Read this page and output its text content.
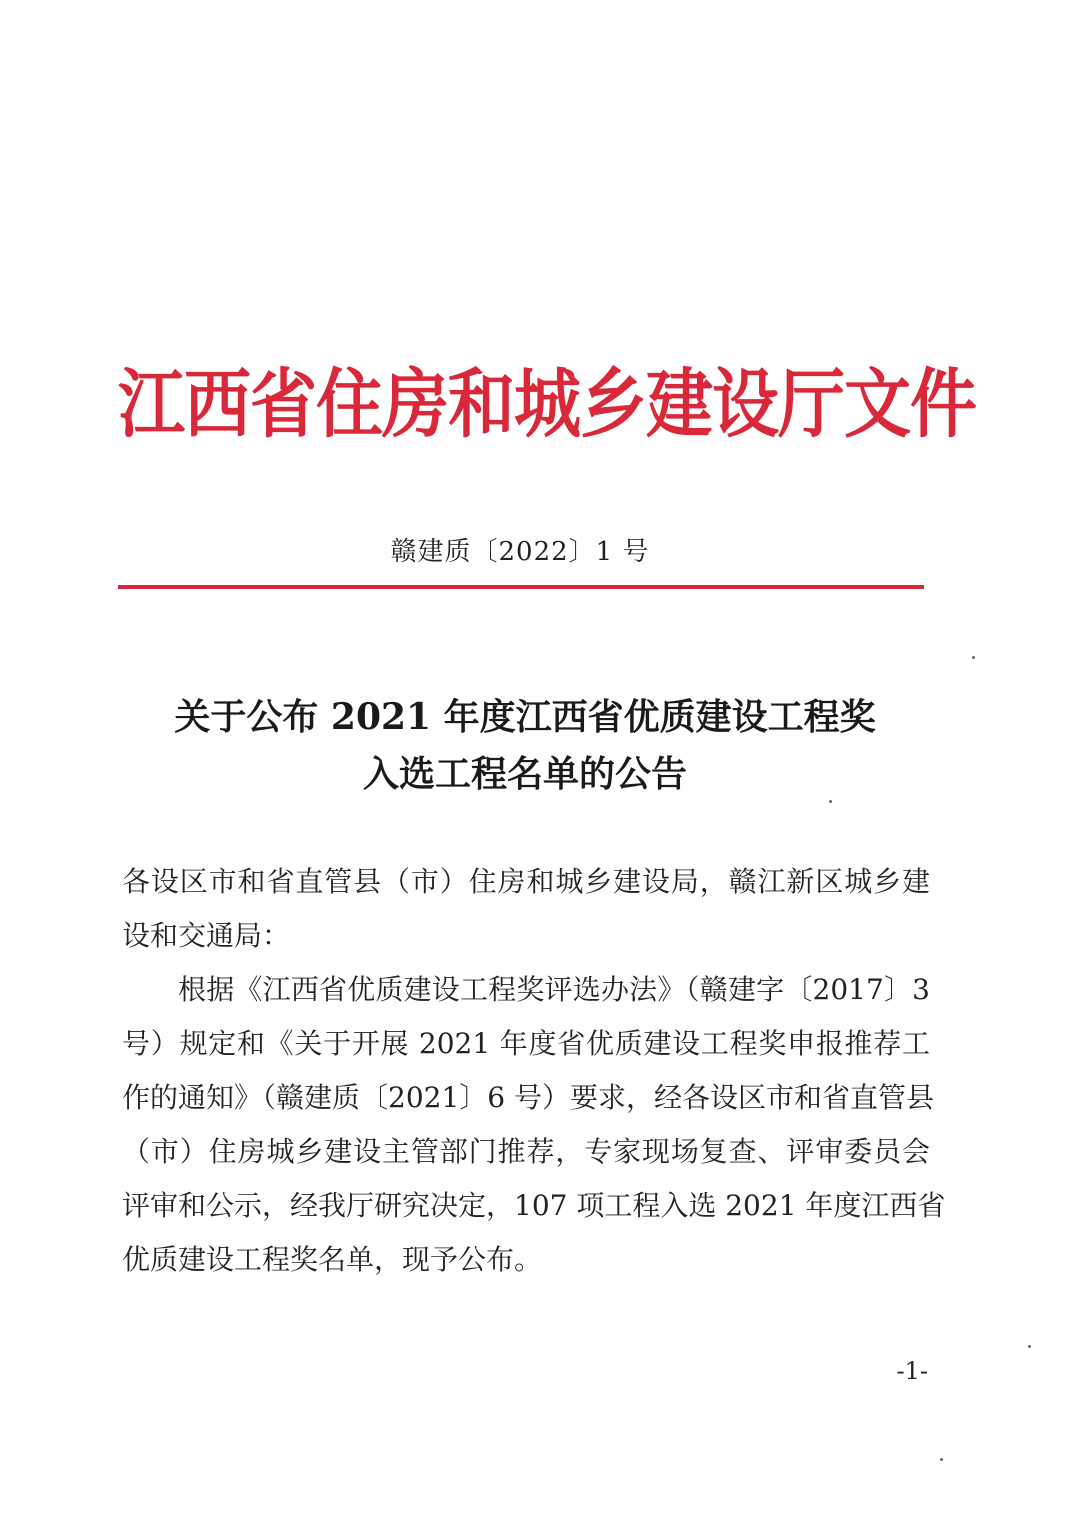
江西省住房和城乡建设厅文件
赣建质〔2022〕1 号
关于公布 2021 年度江西省优质建设工程奖
入选工程名单的公告
各设区市和省直管县（市）住房和城乡建设局，赣江新区城乡建
设和交通局：
根据《江西省优质建设工程奖评选办法》（赣建字〔2017〕3
号）规定和《关于开展 2021 年度省优质建设工程奖申报推荐工
作的通知》（赣建质〔2021〕6 号）要求，经各设区市和省直管县
（市）住房城乡建设主管部门推荐，专家现场复查、评审委员会
评审和公示，经我厅研究决定，107 项工程入选 2021 年度江西省
优质建设工程奖名单，现予公布。
-1-
